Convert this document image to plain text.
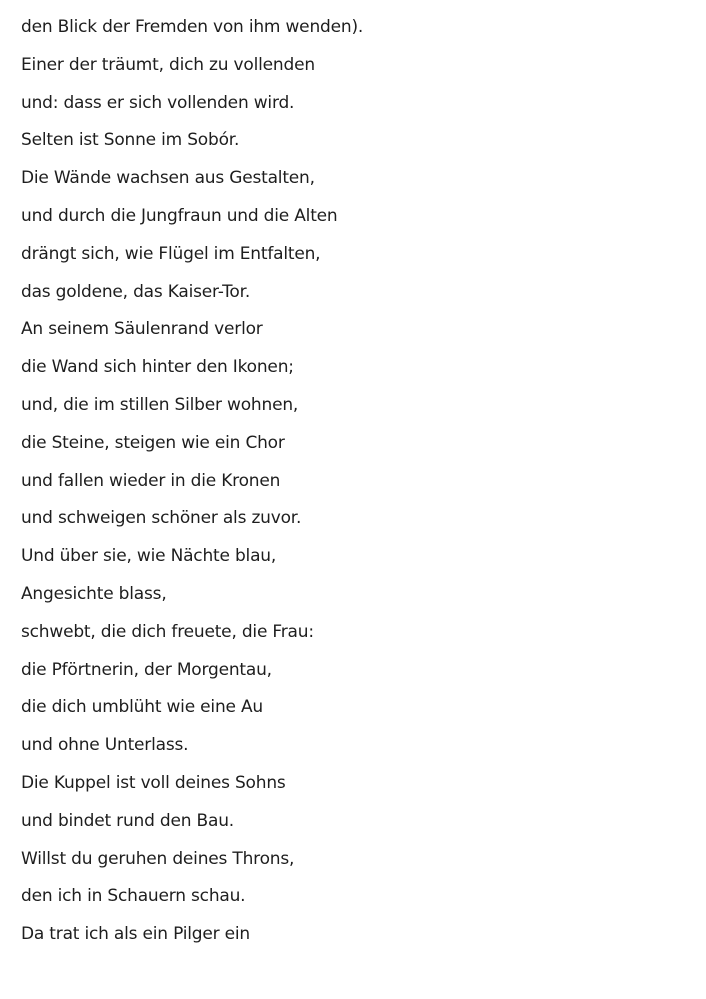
den Blick der Fremden von ihm wenden).
Einer der träumt, dich zu vollenden
und: dass er sich vollenden wird.
Selten ist Sonne im Sobór.
Die Wände wachsen aus Gestalten,
und durch die Jungfraun und die Alten
drängt sich, wie Flügel im Entfalten,
das goldene, das Kaiser-Tor.
An seinem Säulenrand verlor
die Wand sich hinter den Ikonen;
und, die im stillen Silber wohnen,
die Steine, steigen wie ein Chor
und fallen wieder in die Kronen
und schweigen schöner als zuvor.
Und über sie, wie Nächte blau,
Angesichte blass,
schwebt, die dich freuete, die Frau:
die Pförtnerin, der Morgentau,
die dich umblüht wie eine Au
und ohne Unterlass.
Die Kuppel ist voll deines Sohns
und bindet rund den Bau.
Willst du geruhen deines Throns,
den ich in Schauern schau.
Da trat ich als ein Pilger ein
